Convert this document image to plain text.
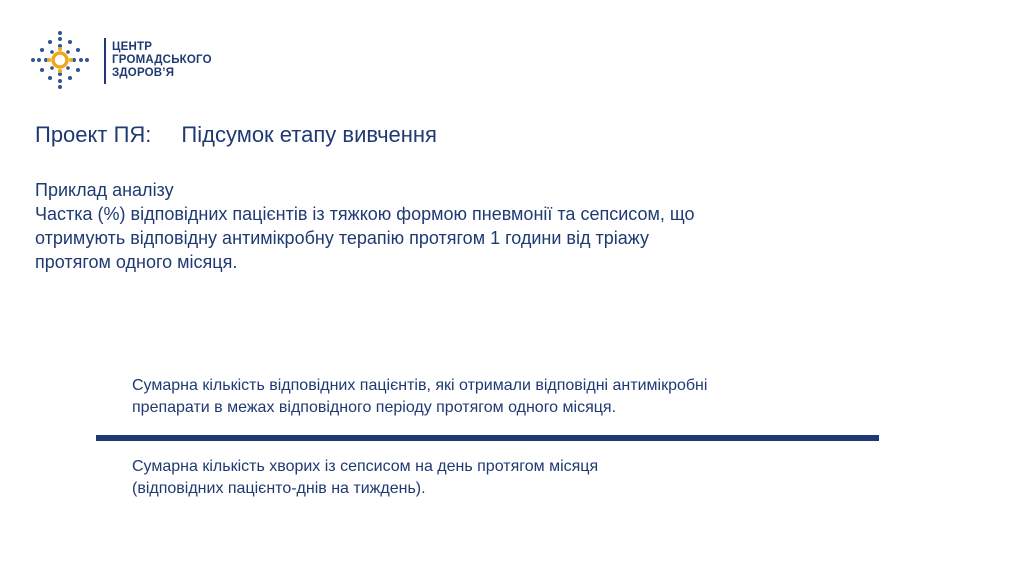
ЦЕНТР
ГРОМАДСЬКОГО
ЗДОРОВ’Я
Проект ПЯ: Підсумок етапу вивчення
Приклад аналізу
Частка (%) відповідних пацієнтів із тяжкою формою пневмонії та сепсисом, що
отримують відповідну антимікробну терапію протягом 1 години від тріажу
протягом одного місяця.
Сумарна кількість відповідних пацієнтів, які отримали відповідні антимікробні
препарати в межах відповідного періоду протягом одного місяця.
Сумарна кількість хворих із сепсисом на день протягом місяця
(відповідних пацієнто-днів на тиждень).
